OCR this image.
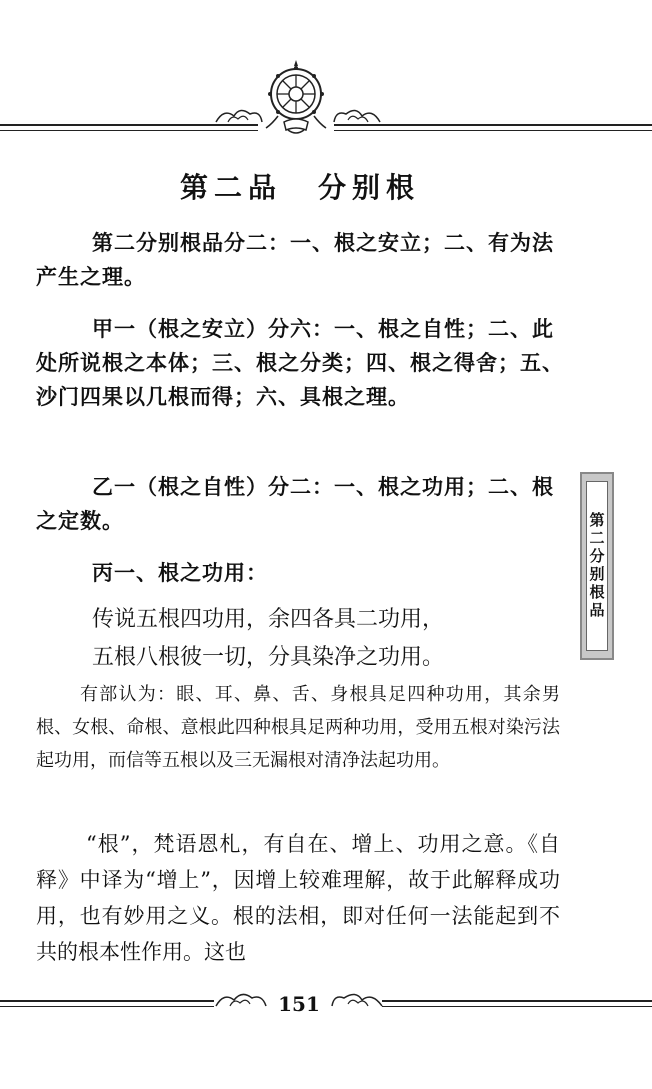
第二品 分别根

第二分别根品分二：一、根之安立；二、有为法产生之理。

甲一（根之安立）分六：一、根之自性；二、此处所说根之本体；三、根之分类；四、根之得舍；五、沙门四果以几根而得；六、具根之理。

乙一（根之自性）分二：一、根之功用；二、根之定数。

丙一、根之功用：

传说五根四功用，余四各具二功用，

五根八根彼一切，分具染净之功用。

有部认为：眼、耳、鼻、舌、身根具足四种功用，其余男根、女根、命根、意根此四种根具足两种功用，受用五根对染污法起功用，而信等五根以及三无漏根对清净法起功用。

“根”，梵语恩札，有自在、增上、功用之意。《自释》中译为“增上”，因增上较难理解，故于此解释成功用，也有妙用之义。根的法相，即对任何一法能起到不共的根本性作用。这也

第二分别根品
151
